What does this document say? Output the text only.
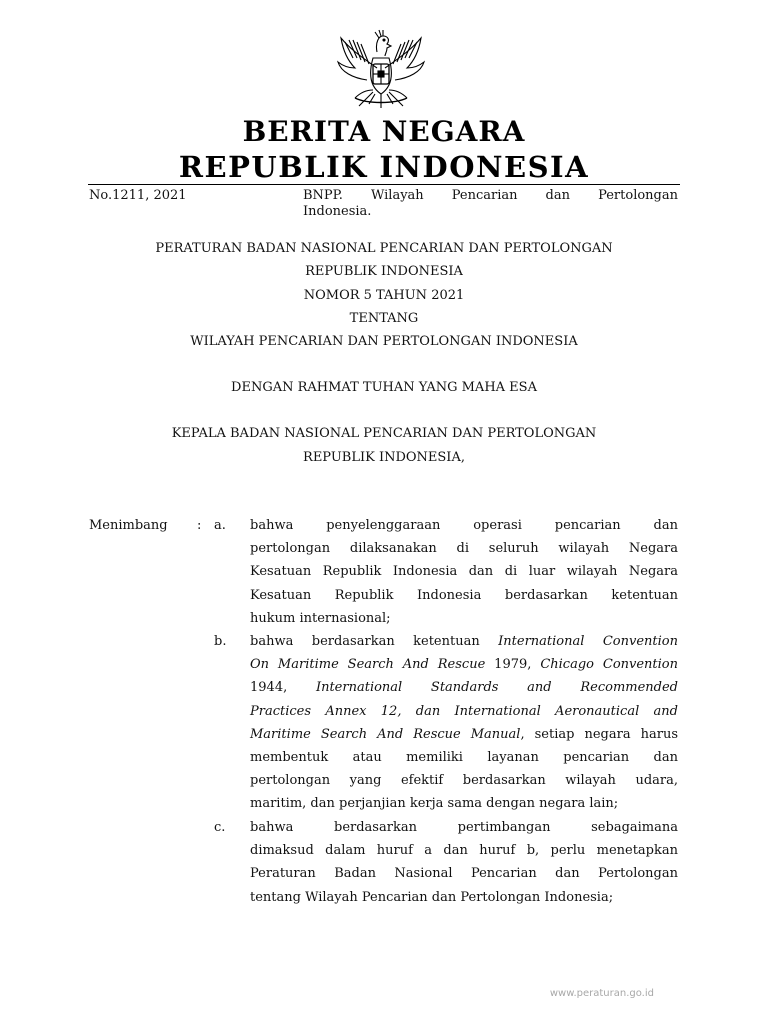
BERITA NEGARA
REPUBLIK INDONESIA
No.1211, 2021	BNPP. Wilayah Pencarian dan Pertolongan
Indonesia.
PERATURAN BADAN NASIONAL PENCARIAN DAN PERTOLONGAN
REPUBLIK INDONESIA
NOMOR 5 TAHUN 2021
TENTANG
WILAYAH PENCARIAN DAN PERTOLONGAN INDONESIA
DENGAN RAHMAT TUHAN YANG MAHA ESA
KEPALA BADAN NASIONAL PENCARIAN DAN PERTOLONGAN
REPUBLIK INDONESIA,
Menimbang : a. bahwa penyelenggaraan operasi pencarian dan
pertolongan dilaksanakan di seluruh wilayah Negara
Kesatuan Republik Indonesia dan di luar wilayah Negara
Kesatuan Republik Indonesia berdasarkan ketentuan
hukum internasional;
b. bahwa berdasarkan ketentuan International Convention
On Maritime Search And Rescue 1979, Chicago Convention
1944, International Standards and Recommended
Practices Annex 12, dan International Aeronautical and
Maritime Search And Rescue Manual, setiap negara harus
membentuk atau memiliki layanan pencarian dan
pertolongan yang efektif berdasarkan wilayah udara,
maritim, dan perjanjian kerja sama dengan negara lain;
c. bahwa berdasarkan pertimbangan sebagaimana
dimaksud dalam huruf a dan huruf b, perlu menetapkan
Peraturan Badan Nasional Pencarian dan Pertolongan
tentang Wilayah Pencarian dan Pertolongan Indonesia;
www.peraturan.go.id
